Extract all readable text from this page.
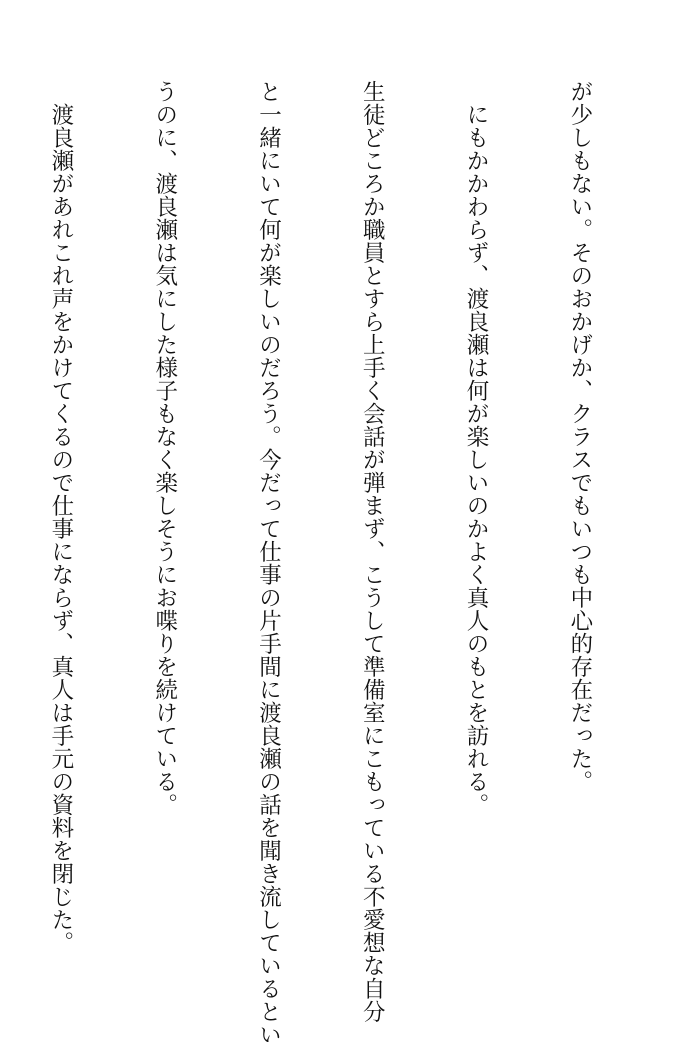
が少しもない。そのおかげか、クラスでもいつも中心的存在だった。

　にもかかわらず、渡良瀬は何が楽しいのかよく真人のもとを訪れる。

生徒どころか職員とすら上手く会話が弾まず、こうして準備室にこもっている不愛想な自分

と一緒にいて何が楽しいのだろう。今だって仕事の片手間に渡良瀬の話を聞き流しているとい

うのに、渡良瀬は気にした様子もなく楽しそうにお喋りを続けている。

　渡良瀬があれこれ声をかけてくるので仕事にならず、真人は手元の資料を閉じた。
